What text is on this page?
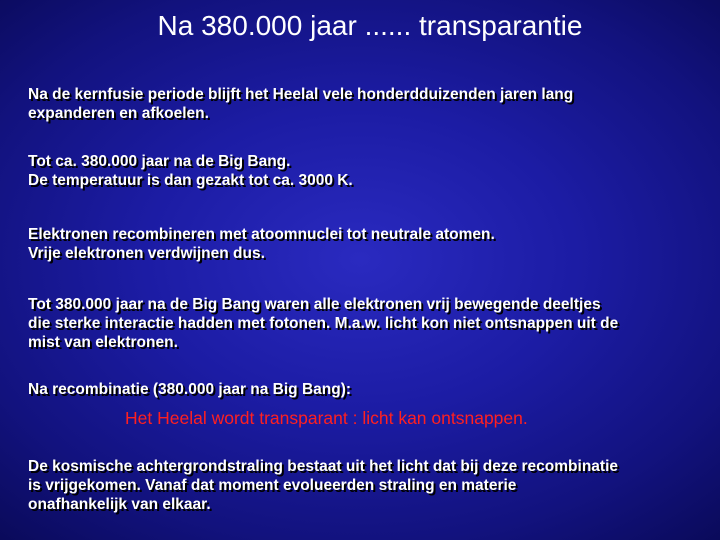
Na 380.000 jaar ...... transparantie
Na de kernfusie periode blijft het Heelal vele honderdduizenden jaren lang
expanderen en afkoelen.
Tot ca. 380.000 jaar na de Big Bang.
De temperatuur is dan gezakt tot ca. 3000 K.
Elektronen recombineren met atoomnuclei tot neutrale atomen.
Vrije elektronen verdwijnen dus.
Tot 380.000 jaar na de Big Bang waren alle elektronen vrij bewegende deeltjes
die sterke interactie hadden met fotonen. M.a.w. licht kon niet ontsnappen uit de
mist van elektronen.
Na recombinatie (380.000 jaar na Big Bang):
Het Heelal wordt transparant : licht kan ontsnappen.
De kosmische achtergrondstraling bestaat uit het licht dat bij deze recombinatie
is vrijgekomen. Vanaf dat moment evolueerden straling en materie
onafhankelijk van elkaar.
